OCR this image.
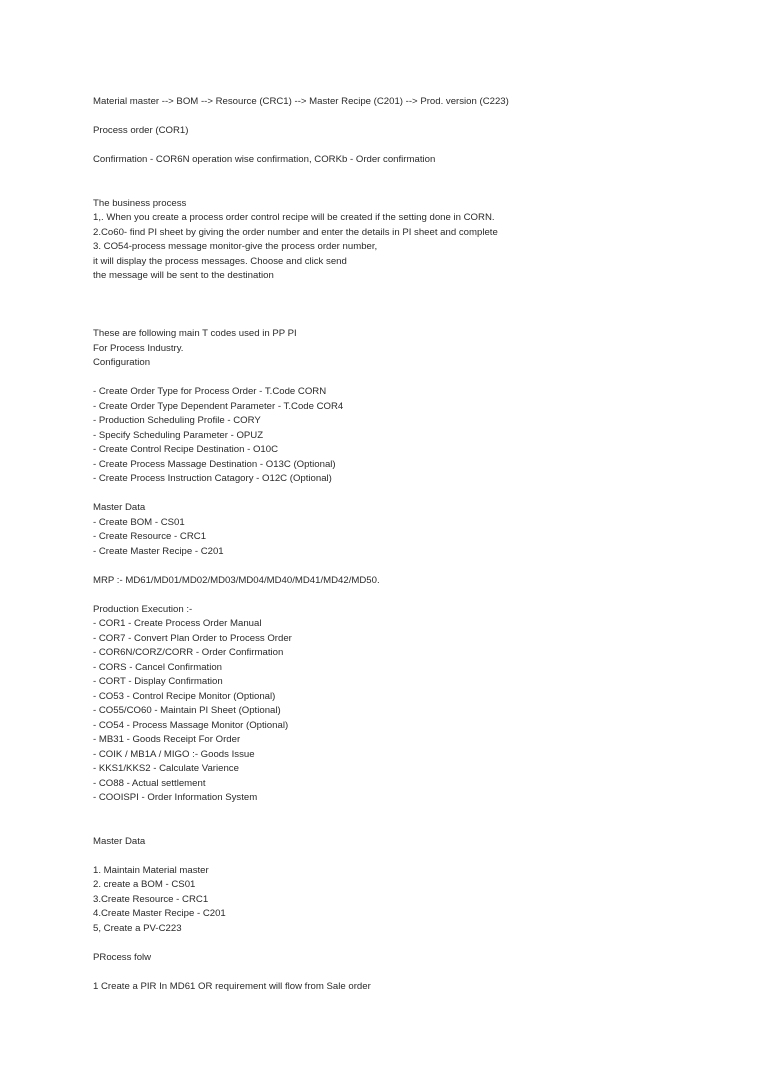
Material master --> BOM --> Resource (CRC1) --> Master Recipe (C201) --> Prod. version (C223)
Process order (COR1)
Confirmation - COR6N operation wise confirmation, CORKb - Order confirmation
The business process
1,. When you create a process order control recipe will be created if the setting done in CORN.
2.Co60- find PI sheet by giving the order number and enter the details in PI sheet and complete
3. CO54-process message monitor-give the process order number,
it will display the process messages. Choose and click send
the message will be sent to the destination
These are following main T codes used in PP PI
For Process Industry.
Configuration
- Create Order Type for Process Order - T.Code CORN
- Create Order Type Dependent Parameter - T.Code COR4
- Production Scheduling Profile - CORY
- Specify Scheduling Parameter - OPUZ
- Create Control Recipe Destination - O10C
- Create Process Massage Destination - O13C (Optional)
- Create Process Instruction Catagory - O12C (Optional)
Master Data
- Create BOM - CS01
- Create Resource - CRC1
- Create Master Recipe - C201
MRP :- MD61/MD01/MD02/MD03/MD04/MD40/MD41/MD42/MD50.
Production Execution :-
- COR1 - Create Process Order Manual
- COR7 - Convert Plan Order to Process Order
- COR6N/CORZ/CORR - Order Confirmation
- CORS - Cancel Confirmation
- CORT - Display Confirmation
- CO53 - Control Recipe Monitor (Optional)
- CO55/CO60 - Maintain PI Sheet (Optional)
- CO54 - Process Massage Monitor (Optional)
- MB31 - Goods Receipt For Order
- COIK / MB1A / MIGO :- Goods Issue
- KKS1/KKS2 - Calculate Varience
- CO88 - Actual settlement
- COOISPI - Order Information System
Master Data
1. Maintain Material master
2. create a BOM - CS01
3.Create Resource - CRC1
4.Create Master Recipe - C201
5, Create a PV-C223
PRocess folw
1 Create a PIR In MD61 OR requirement will flow from Sale order
